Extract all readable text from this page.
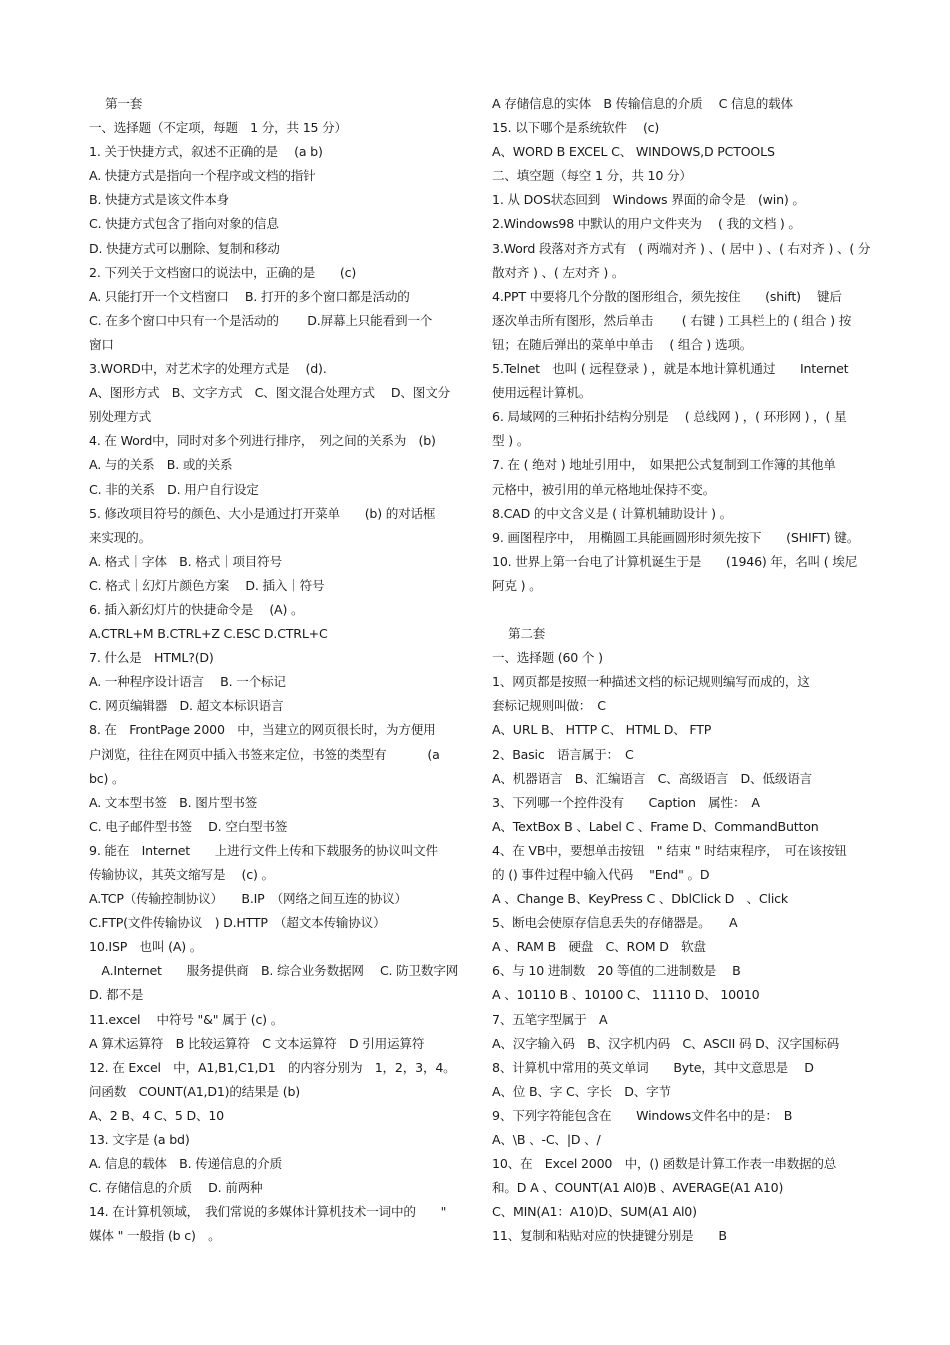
第一套
一、选择题（不定项，每题　1 分，共 15 分）
1. 关于快捷方式，叙述不正确的是　 (a b)
A. 快捷方式是指向一个程序或文档的指针
B. 快捷方式是该文件本身
C. 快捷方式包含了指向对象的信息
D. 快捷方式可以删除、复制和移动
2. 下列关于文档窗口的说法中，正确的是　　(c)
A. 只能打开一个文档窗口　 B. 打开的多个窗口都是活动的
C. 在多个窗口中只有一个是活动的　　 D.屏幕上只能看到一个
窗口
3.WORD中，对艺术字的处理方式是　 (d).
A、图形方式　B、文字方式　C、图文混合处理方式　 D、图文分
别处理方式
4. 在 Word中，同时对多个列进行排序，　列之间的关系为　(b)
A. 与的关系　B. 或的关系
C. 非的关系　D. 用户自行设定
5. 修改项目符号的颜色、大小是通过打开菜单　　(b) 的对话框
来实现的。
A. 格式｜字体　B. 格式｜项目符号
C. 格式｜幻灯片颜色方案　 D. 插入｜符号
6. 插入新幻灯片的快捷命令是　 (A) 。
A.CTRL+M B.CTRL+Z C.ESC D.CTRL+C
7. 什么是　HTML?(D)
A. 一种程序设计语言　 B. 一个标记
C. 网页编辑器　D. 超文本标识语言
8. 在　FrontPage 2000　中，当建立的网页很长时，为方便用
户浏览，往往在网页中插入书签来定位，书签的类型有　　　 (a
bc) 。
A. 文本型书签　B. 图片型书签
C. 电子邮件型书签　 D. 空白型书签
9. 能在　Internet　　上进行文件上传和下载服务的协议叫文件
传输协议，其英文缩写是　 (c) 。
A.TCP（传输控制协议）　　B.IP　（网络之间互连的协议）
C.FTP(文件传输协议　) D.HTTP　（超文本传输协议）
10.ISP　也叫 (A) 。
　A.Internet　　服务提供商　B. 综合业务数据网　 C. 防卫数字网
D. 都不是
11.excel　 中符号 "&" 属于 (c) 。
A 算术运算符　B 比较运算符　C 文本运算符　D 引用运算符
12. 在 Excel　中，A1,B1,C1,D1　的内容分别为　1，2，3，4。
问函数　COUNT(A1,D1)的结果是 (b)
A、2 B、4 C、5 D、10
13. 文字是 (a bd)
A. 信息的载体　B. 传递信息的介质
C. 存储信息的介质　 D. 前两种
14. 在计算机领域，　我们常说的多媒体计算机技术一词中的　　"
媒体 " 一般指 (b c)　。
A 存储信息的实体　B 传输信息的介质　 C 信息的载体
15. 以下哪个是系统软件　 (c)
A、WORD B EXCEL C、 WINDOWS,D PCTOOLS
二、填空题（每空 1 分，共 10 分）
1. 从 DOS状态回到　Windows 界面的命令是　(win) 。
2.Windows98 中默认的用户文件夹为　 ( 我的文档 ) 。
3.Word 段落对齐方式有　( 两端对齐 ) 、( 居中 ) 、( 右对齐 ) 、( 分
散对齐 ) 、( 左对齐 ) 。
4.PPT 中要将几个分散的图形组合，须先按住　　(shift)　 键后
逐次单击所有图形，然后单击　　 ( 右键 ) 工具栏上的 ( 组合 ) 按
钮；在随后弹出的菜单中单击　 ( 组合 ) 选项。
5.Telnet　也叫 ( 远程登录 ) ，就是本地计算机通过　　Internet
使用远程计算机。
6. 局域网的三种拓扑结构分别是　 ( 总线网 ) ，( 环形网 ) ，( 星
型 ) 。
7. 在 ( 绝对 ) 地址引用中，　如果把公式复制到工作簿的其他单
元格中，被引用的单元格地址保持不变。
8.CAD 的中文含义是 ( 计算机辅助设计 ) 。
9. 画图程序中，　用椭圆工具能画圆形时须先按下　　(SHIFT) 键。
10. 世界上第一台电了计算机诞生于是　　(1946) 年，名叫 ( 埃尼
阿克 ) 。
第二套
一、选择题 (60 个 )
1、网页都是按照一种描述文档的标记规则编写而成的，这
套标记规则叫做：　C
A、URL B、 HTTP C、 HTML D、 FTP
2、Basic　语言属于：　C
A、机器语言　B、汇编语言　C、高级语言　D、低级语言
3、下列哪一个控件没有　　Caption　属性：　A
A、TextBox B 、Label C 、Frame D、CommandButton
4、在 VB中，要想单击按钮　" 结束 " 时结束程序，　可在该按钮
的 () 事件过程中输入代码　 "End" 。D
A 、Change B、KeyPress C 、DblClick D　、Click
5、断电会使原存信息丢失的存储器是。　　A
A 、RAM B　硬盘　C、ROM D　软盘
6、与 10 进制数　20 等值的二进制数是　 B
A 、10110 B 、10100 C、 11110 D、 10010
7、五笔字型属于　A
A、汉字输入码　B、汉字机内码　C、ASCII 码 D、汉字国标码
8、计算机中常用的英文单词　　Byte，其中文意思是　 D
A、位 B、字 C、字长　D、字节
9、下列字符能包含在　　Windows文件名中的是：　B
A、\B 、-C、|D 、/
10、在　Excel 2000　中，() 函数是计算工作表一串数据的总
和。D A 、COUNT(A1 Al0)B 、AVERAGE(A1 A10)
C、MIN(A1：A10)D、SUM(A1 Al0)
11、复制和粘贴对应的快捷键分别是　　B
